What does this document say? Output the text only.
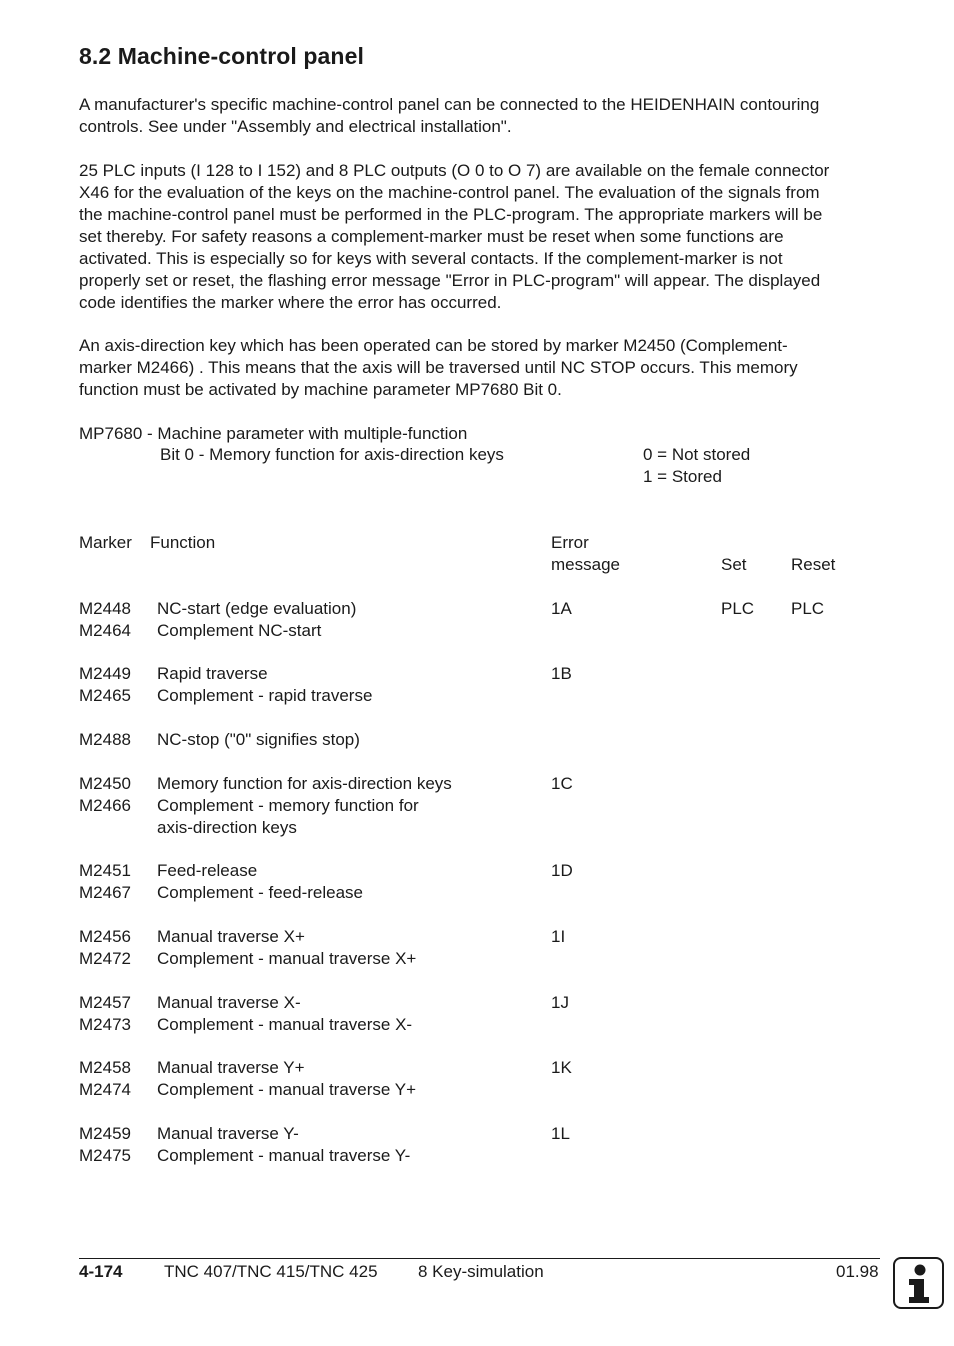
8.2 Machine-control panel
A manufacturer's specific machine-control panel can be connected to the HEIDENHAIN contouring
controls. See under "Assembly and electrical installation".
25 PLC inputs (I 128 to I 152) and 8 PLC outputs (O 0 to O 7) are available on the female connector
X46 for the evaluation of the keys on the machine-control panel. The evaluation of the signals from
the machine-control panel must be performed in the PLC-program. The appropriate markers will be
set thereby. For safety reasons a complement-marker must be reset when some functions are
activated. This is especially so for keys with several contacts. If the complement-marker is not
properly set or reset, the flashing error message "Error in PLC-program" will appear. The displayed
code identifies the marker where the error has occurred.
An axis-direction key which has been operated can be stored by marker M2450 (Complement-
marker M2466) . This means that the axis will be traversed until NC STOP occurs. This memory
function must be activated by machine parameter MP7680 Bit 0.
MP7680 - Machine parameter with multiple-function
Bit 0 - Memory function for axis-direction keys	0 = Not stored
1 = Stored
Marker Function	Error
message	Set	Reset
M2448 NC-start (edge evaluation)	1A	PLC PLC
M2464 Complement NC-start
M2449 Rapid traverse	1B
M2465 Complement - rapid traverse
M2488 NC-stop ("0" signifies stop)
M2450 Memory function for axis-direction keys	1C
M2466 Complement - memory function for
axis-direction keys
M2451 Feed-release	1D
M2467 Complement - feed-release
M2456 Manual traverse X+	1I
M2472 Complement - manual traverse X+
M2457 Manual traverse X-	1J
M2473 Complement - manual traverse X-
M2458 Manual traverse Y+	1K
M2474 Complement - manual traverse Y+
M2459 Manual traverse Y-	1L
M2475 Complement - manual traverse Y-
4-174 TNC 407/TNC 415/TNC 425 8 Key-simulation	01.98
